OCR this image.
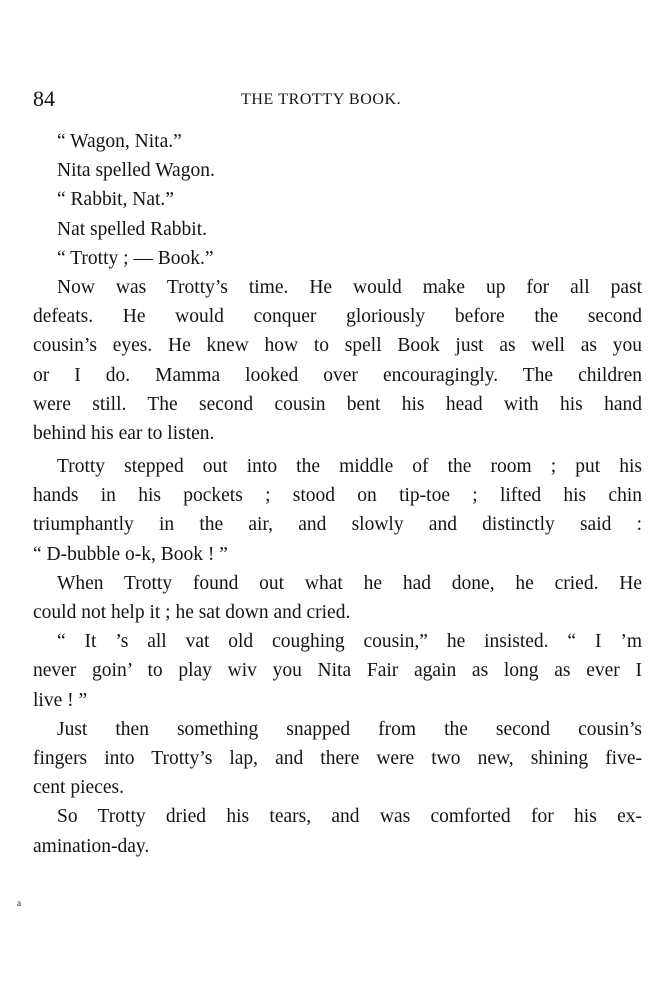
84	THE TROTTY BOOK.
“ Wagon, Nita.”
Nita spelled Wagon.
“ Rabbit, Nat.”
Nat spelled Rabbit.
“ Trotty ; — Book.”
Now was Trotty’s time. He would make up for all past
defeats. He would conquer gloriously before the second
cousin’s eyes. He knew how to spell Book just as well as you
or I do. Mamma looked over encouragingly. The children
were still. The second cousin bent his head with his hand
behind his ear to listen.
Trotty stepped out into the middle of the room ; put his
hands in his pockets ; stood on tip-toe ; lifted his chin
triumphantly in the air, and slowly and distinctly said :
“ D-bubble o-k, Book ! ”
When Trotty found out what he had done, he cried. He
could not help it ; he sat down and cried.
“ It ’s all vat old coughing cousin,” he insisted. “ I ’m
never goin’ to play wiv you Nita Fair again as long as ever I
live ! ”
Just then something snapped from the second cousin’s
fingers into Trotty’s lap, and there were two new, shining five-
cent pieces.
So Trotty dried his tears, and was comforted for his ex-
amination-day.
a
